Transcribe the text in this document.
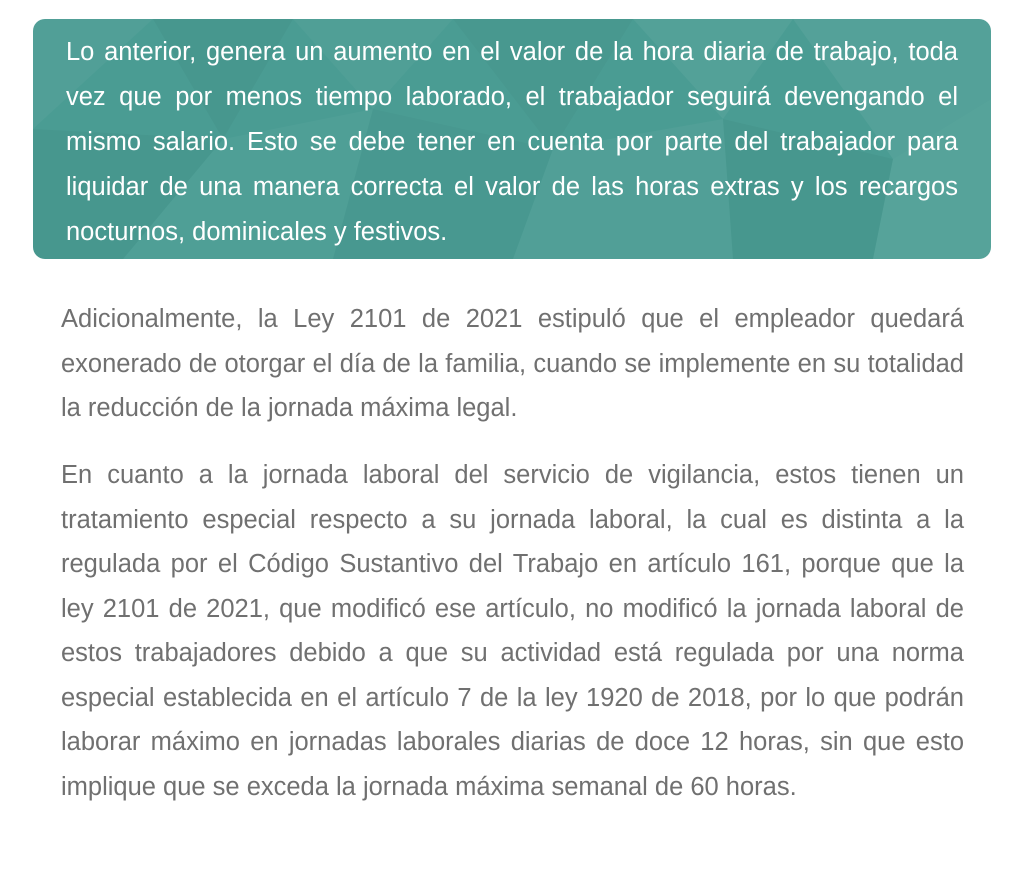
Lo anterior, genera un aumento en el valor de la hora diaria de trabajo, toda vez que por menos tiempo laborado, el trabajador seguirá devengando el mismo salario. Esto se debe tener en cuenta por parte del trabajador para liquidar de una manera correcta el valor de las horas extras y los recargos nocturnos, dominicales y festivos.

Adicionalmente, la Ley 2101 de 2021 estipuló que el empleador quedará exonerado de otorgar el día de la familia, cuando se implemente en su totalidad la reducción de la jornada máxima legal.

En cuanto a la jornada laboral del servicio de vigilancia, estos tienen un tratamiento especial respecto a su jornada laboral, la cual es distinta a la regulada por el Código Sustantivo del Trabajo en artículo 161, porque que la ley 2101 de 2021, que modificó ese artículo, no modificó la jornada laboral de estos trabajadores debido a que su actividad está regulada por una norma especial establecida en el artículo 7 de la ley 1920 de 2018, por lo que podrán laborar máximo en jornadas laborales diarias de doce 12 horas, sin que esto implique que se exceda la jornada máxima semanal de 60 horas.
